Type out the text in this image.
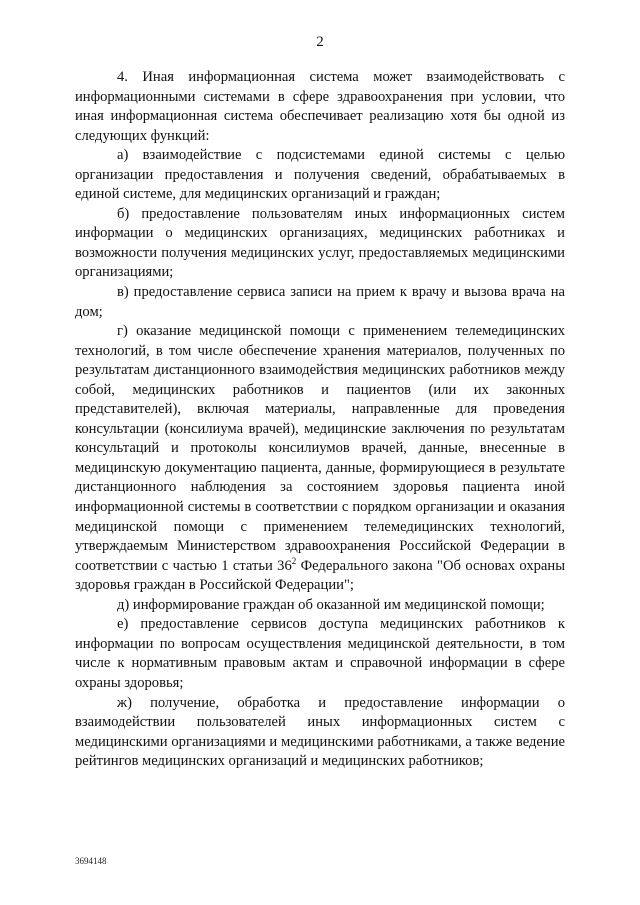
2

4. Иная информационная система может взаимодействовать с информационными системами в сфере здравоохранения при условии, что иная информационная система обеспечивает реализацию хотя бы одной из следующих функций:

а) взаимодействие с подсистемами единой системы с целью организации предоставления и получения сведений, обрабатываемых в единой системе, для медицинских организаций и граждан;

б) предоставление пользователям иных информационных систем информации о медицинских организациях, медицинских работниках и возможности получения медицинских услуг, предоставляемых медицинскими организациями;

в) предоставление сервиса записи на прием к врачу и вызова врача на дом;

г) оказание медицинской помощи с применением телемедицинских технологий, в том числе обеспечение хранения материалов, полученных по результатам дистанционного взаимодействия медицинских работников между собой, медицинских работников и пациентов (или их законных представителей), включая материалы, направленные для проведения консультации (консилиума врачей), медицинские заключения по результатам консультаций и протоколы консилиумов врачей, данные, внесенные в медицинскую документацию пациента, данные, формирующиеся в результате дистанционного наблюдения за состоянием здоровья пациента иной информационной системы в соответствии с порядком организации и оказания медицинской помощи с применением телемедицинских технологий, утверждаемым Министерством здравоохранения Российской Федерации в соответствии с частью 1 статьи $36^2$ Федерального закона "Об основах охраны здоровья граждан в Российской Федерации";

д) информирование граждан об оказанной им медицинской помощи;

е) предоставление сервисов доступа медицинских работников к информации по вопросам осуществления медицинской деятельности, в том числе к нормативным правовым актам и справочной информации в сфере охраны здоровья;

ж) получение, обработка и предоставление информации о взаимодействии пользователей иных информационных систем с медицинскими организациями и медицинскими работниками, а также ведение рейтингов медицинских организаций и медицинских работников;

3694148
